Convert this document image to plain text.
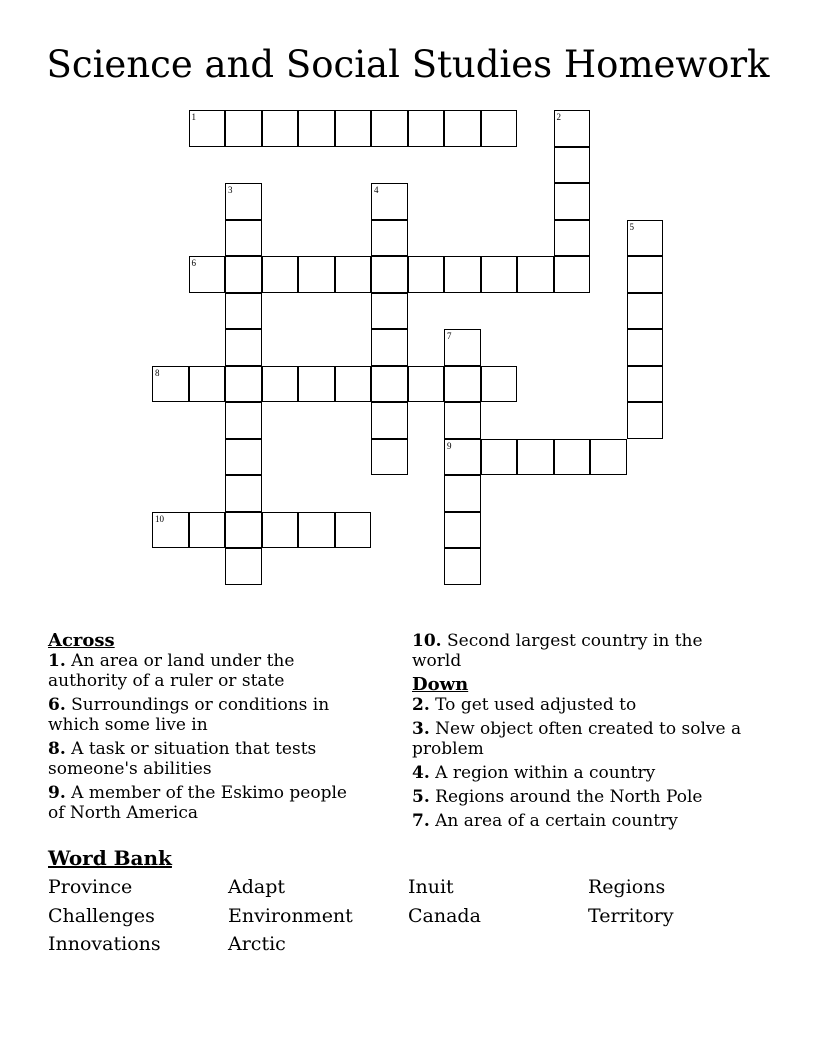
Science and Social Studies Homework
1	2
3	4
5
6
7
8
9
10
Across
1. An area or land under the authority of a ruler or state
6. Surroundings or conditions in which some live in
8. A task or situation that tests someone's abilities
9. A member of the Eskimo people of North America
10. Second largest country in the world
Down
2. To get used adjusted to
3. New object often created to solve a problem
4. A region within a country
5. Regions around the North Pole
7. An area of a certain country
Word Bank
Province	Adapt	Inuit	Regions
Challenges	Environment	Canada	Territory
Innovations	Arctic
